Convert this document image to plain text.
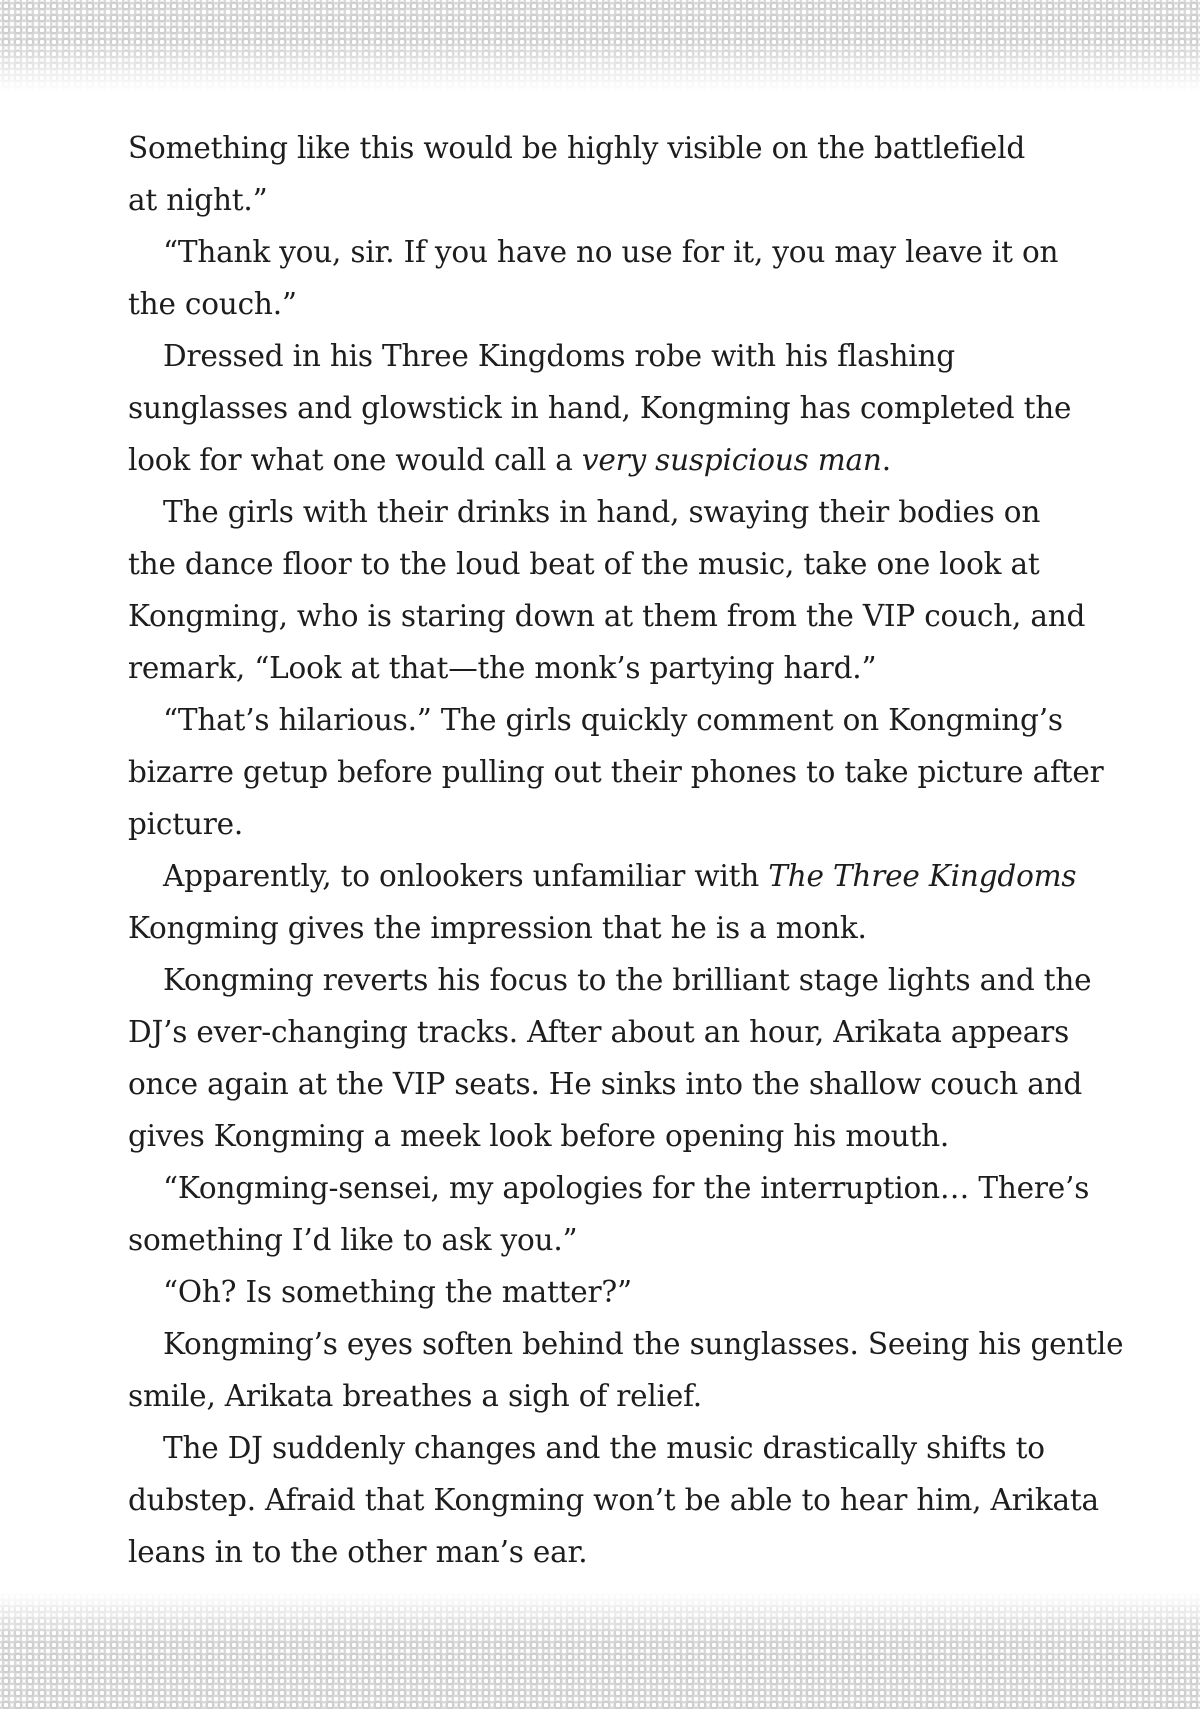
Something like this would be highly visible on the battlefield
at night.”
“Thank you, sir. If you have no use for it, you may leave it on
the couch.”
Dressed in his Three Kingdoms robe with his flashing
sunglasses and glowstick in hand, Kongming has completed the
look for what one would call a very suspicious man.
The girls with their drinks in hand, swaying their bodies on
the dance floor to the loud beat of the music, take one look at
Kongming, who is staring down at them from the VIP couch, and
remark, “Look at that—the monk’s partying hard.”
“That’s hilarious.” The girls quickly comment on Kongming’s
bizarre getup before pulling out their phones to take picture after
picture.
Apparently, to onlookers unfamiliar with The Three Kingdoms
Kongming gives the impression that he is a monk.
Kongming reverts his focus to the brilliant stage lights and the
DJ’s ever-changing tracks. After about an hour, Arikata appears
once again at the VIP seats. He sinks into the shallow couch and
gives Kongming a meek look before opening his mouth.
“Kongming-sensei, my apologies for the interruption… There’s
something I’d like to ask you.”
“Oh? Is something the matter?”
Kongming’s eyes soften behind the sunglasses. Seeing his gentle
smile, Arikata breathes a sigh of relief.
The DJ suddenly changes and the music drastically shifts to
dubstep. Afraid that Kongming won’t be able to hear him, Arikata
leans in to the other man’s ear.
